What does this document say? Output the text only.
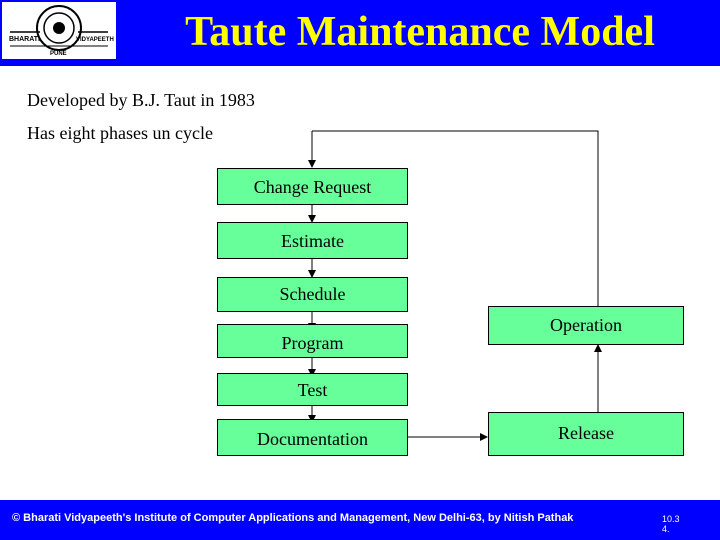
BHARATI	VIDYAPEETH
PUNE	Taute Maintenance Model
Developed by B.J. Taut in 1983
Has eight phases un cycle
Change Request
Estimate
Schedule
Program
Test
Documentation	Release
Operation
© Bharati Vidyapeeth's Institute of Computer Applications and Management, New Delhi-63, by Nitish Pathak	10.3
4.
